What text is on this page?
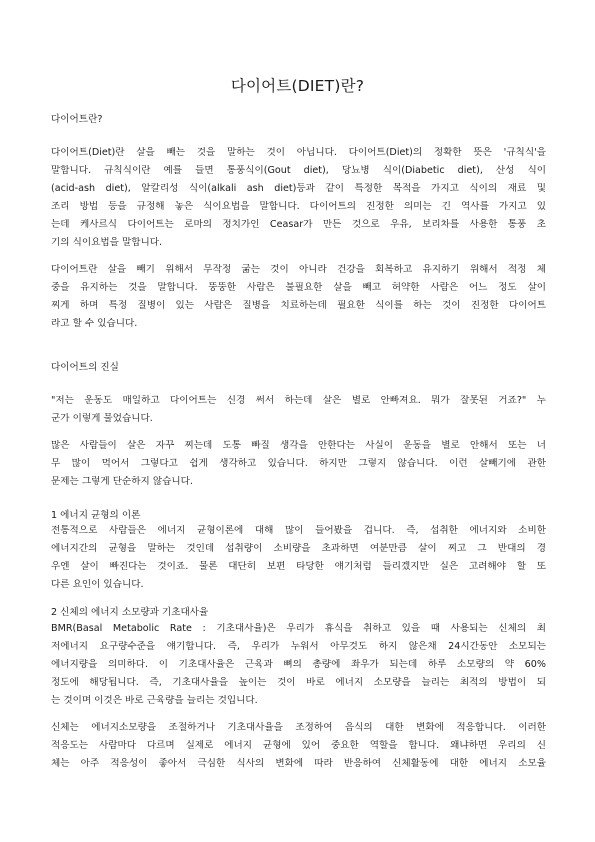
다이어트(DIET)란?
다이어트란?
다이어트(Diet)란 살을 빼는 것을 말하는 것이 아닙니다. 다이어트(Diet)의 정확한 뜻은 '규칙식'을
말합니다. 규칙식이란 예를 들면 통풍식이(Gout diet), 당뇨병 식이(Diabetic diet), 산성 식이
(acid-ash diet), 알칼리성 식이(alkali ash diet)등과 같이 특정한 목적을 가지고 식이의 재료 및
조리 방법 등을 규정해 놓은 식이요법을 말합니다. 다이어트의 진정한 의미는 긴 역사를 가지고 있
는데 케사르식 다이어트는 로마의 정치가인 Ceasar가 만든 것으로 우유, 보리차를 사용한 통풍 초
기의 식이요법을 말합니다.
다이어트란 살을 빼기 위해서 무작정 굶는 것이 아니라 건강을 회복하고 유지하기 위해서 적정 체
중을 유지하는 것을 말합니다. 뚱뚱한 사람은 불필요한 살을 빼고 허약한 사람은 어느 정도 살이
찌게 하며 특정 질병이 있는 사람은 질병을 치료하는데 필요한 식이를 하는 것이 진정한 다이어트
라고 할 수 있습니다.
다이어트의 진실
"저는 운동도 매일하고 다이어트는 신경 써서 하는데 살은 별로 안빠져요. 뭐가 잘못된 거죠?" 누
군가 이렇게 물었습니다.
많은 사람들이 살은 자꾸 찌는데 도통 빠질 생각을 안한다는 사실이 운동을 별로 안해서 또는 너
무 많이 먹어서 그렇다고 쉽게 생각하고 있습니다. 하지만 그렇지 않습니다. 이런 살빼기에 관한
문제는 그렇게 단순하지 않습니다.
1 에너지 균형의 이론
전통적으로 사람들은 에너지 균형이론에 대해 많이 들어봤을 겁니다. 즉, 섭취한 에너지와 소비한
에너지간의 균형을 말하는 것인데 섭취량이 소비량을 초과하면 여분만큼 살이 찌고 그 반대의 경
우엔 살이 빠진다는 것이죠. 물론 대단히 보편 타당한 얘기처럼 들리겠지만 실은 고려해야 할 또
다른 요인이 있습니다.
2 신체의 에너지 소모량과 기초대사율
BMR(Basal Metabolic Rate : 기초대사율)은 우리가 휴식을 취하고 있을 때 사용되는 신체의 최
저에너지 요구량수준을 얘기합니다. 즉, 우리가 누워서 아무것도 하지 않은채 24시간동안 소모되는
에너지량을 의미하다. 이 기초대사율은 근육과 뼈의 총량에 좌우가 되는데 하루 소모량의 약 60%
정도에 해당됩니다. 즉, 기초대사율을 높이는 것이 바로 에너지 소모량을 늘리는 최적의 방법이 되
는 것이며 이것은 바로 근육량을 늘리는 것입니다.
신체는 에너지소모량을 조절하거나 기초대사율을 조정하여 음식의 대한 변화에 적응합니다. 이러한
적응도는 사람마다 다르며 실제로 에너지 균형에 있어 중요한 역할을 합니다. 왜냐하면 우리의 신
체는 아주 적응성이 좋아서 극심한 식사의 변화에 따라 반응하여 신체활동에 대한 에너지 소모율
